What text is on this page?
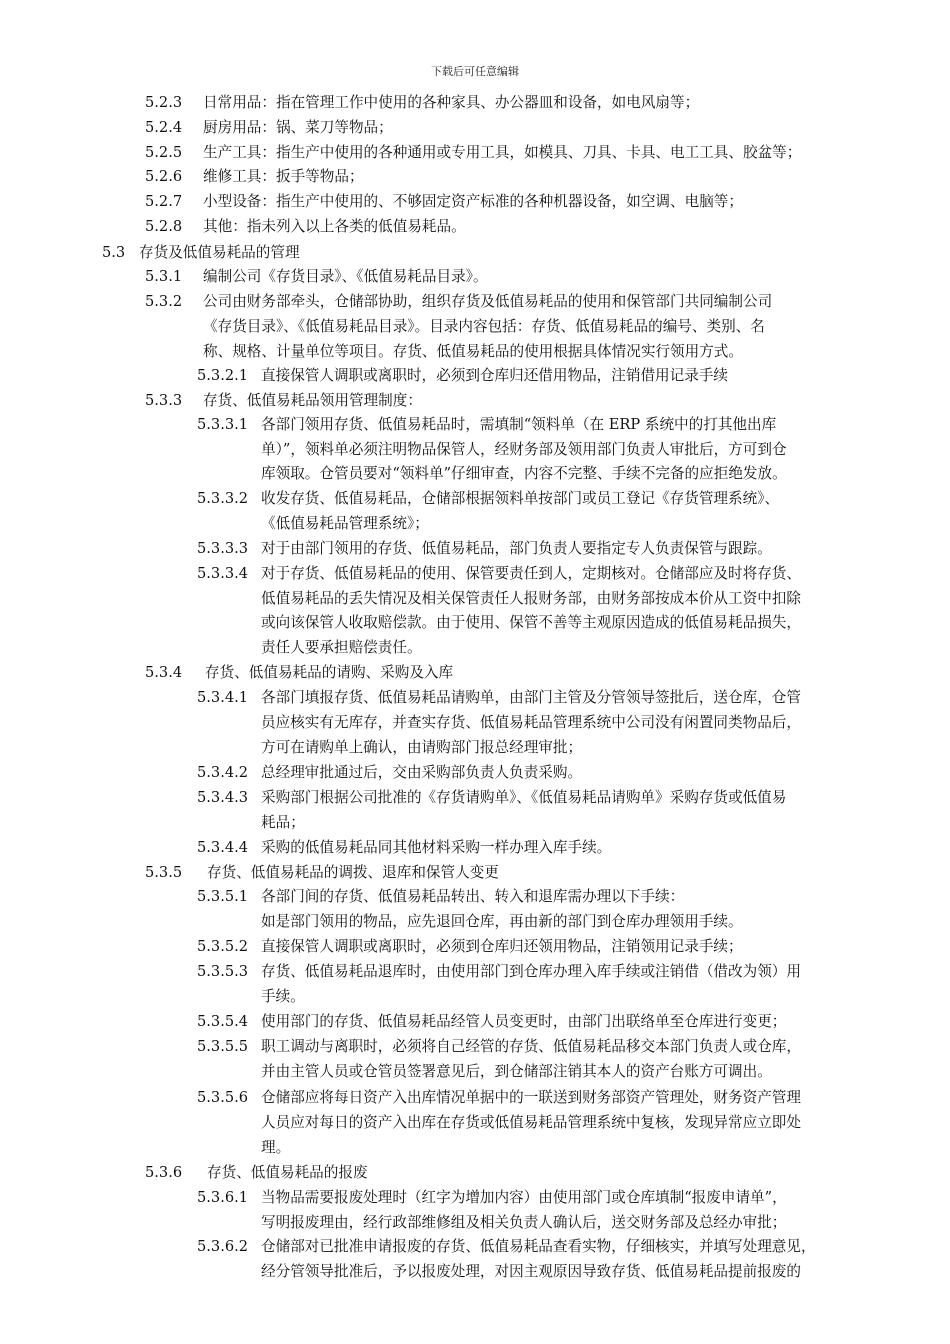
下载后可任意编辑
5.2.3 日常用品：指在管理工作中使用的各种家具、办公器皿和设备，如电风扇等；
5.2.4 厨房用品：锅、菜刀等物品；
5.2.5 生产工具：指生产中使用的各种通用或专用工具，如模具、刀具、卡具、电工工具、胶盆等；
5.2.6 维修工具：扳手等物品；
5.2.7 小型设备：指生产中使用的、不够固定资产标准的各种机器设备，如空调、电脑等；
5.2.8 其他：指未列入以上各类的低值易耗品。
5.3 存货及低值易耗品的管理
5.3.1 编制公司《存货目录》、《低值易耗品目录》。
5.3.2 公司由财务部牵头，仓储部协助，组织存货及低值易耗品的使用和保管部门共同编制公司
《存货目录》、《低值易耗品目录》。目录内容包括：存货、低值易耗品的编号、类别、名
称、规格、计量单位等项目。存货、低值易耗品的使用根据具体情况实行领用方式。
5.3.2.1 直接保管人调职或离职时，必须到仓库归还借用物品，注销借用记录手续
5.3.3 存货、低值易耗品领用管理制度：
5.3.3.1 各部门领用存货、低值易耗品时，需填制“领料单（在 ERP 系统中的打其他出库
单）”，领料单必须注明物品保管人，经财务部及领用部门负责人审批后，方可到仓
库领取。仓管员要对“领料单”仔细审查，内容不完整、手续不完备的应拒绝发放。
5.3.3.2 收发存货、低值易耗品，仓储部根据领料单按部门或员工登记《存货管理系统》、
《低值易耗品管理系统》；
5.3.3.3 对于由部门领用的存货、低值易耗品，部门负责人要指定专人负责保管与跟踪。
5.3.3.4 对于存货、低值易耗品的使用、保管要责任到人，定期核对。仓储部应及时将存货、
低值易耗品的丢失情况及相关保管责任人报财务部，由财务部按成本价从工资中扣除
或向该保管人收取赔偿款。由于使用、保管不善等主观原因造成的低值易耗品损失，
责任人要承担赔偿责任。
5.3.4 存货、低值易耗品的请购、采购及入库
5.3.4.1 各部门填报存货、低值易耗品请购单，由部门主管及分管领导签批后，送仓库，仓管
员应核实有无库存，并查实存货、低值易耗品管理系统中公司没有闲置同类物品后，
方可在请购单上确认，由请购部门报总经理审批；
5.3.4.2 总经理审批通过后，交由采购部负责人负责采购。
5.3.4.3 采购部门根据公司批准的《存货请购单》、《低值易耗品请购单》采购存货或低值易
耗品；
5.3.4.4 采购的低值易耗品同其他材料采购一样办理入库手续。
5.3.5 存货、低值易耗品的调拨、退库和保管人变更
5.3.5.1 各部门间的存货、低值易耗品转出、转入和退库需办理以下手续：
如是部门领用的物品，应先退回仓库，再由新的部门到仓库办理领用手续。
5.3.5.2 直接保管人调职或离职时，必须到仓库归还领用物品，注销领用记录手续；
5.3.5.3 存货、低值易耗品退库时，由使用部门到仓库办理入库手续或注销借（借改为领）用
手续。
5.3.5.4 使用部门的存货、低值易耗品经管人员变更时，由部门出联络单至仓库进行变更；
5.3.5.5 职工调动与离职时，必须将自己经管的存货、低值易耗品移交本部门负责人或仓库，
并由主管人员或仓管员签署意见后，到仓储部注销其本人的资产台账方可调出。
5.3.5.6 仓储部应将每日资产入出库情况单据中的一联送到财务部资产管理处，财务资产管理
人员应对每日的资产入出库在存货或低值易耗品管理系统中复核，发现异常应立即处
理。
5.3.6 存货、低值易耗品的报废
5.3.6.1 当物品需要报废处理时（红字为增加内容）由使用部门或仓库填制“报废申请单”，
写明报废理由，经行政部维修组及相关负责人确认后，送交财务部及总经办审批；
5.3.6.2 仓储部对已批准申请报废的存货、低值易耗品查看实物，仔细核实，并填写处理意见，
经分管领导批准后，予以报废处理，对因主观原因导致存货、低值易耗品提前报废的
